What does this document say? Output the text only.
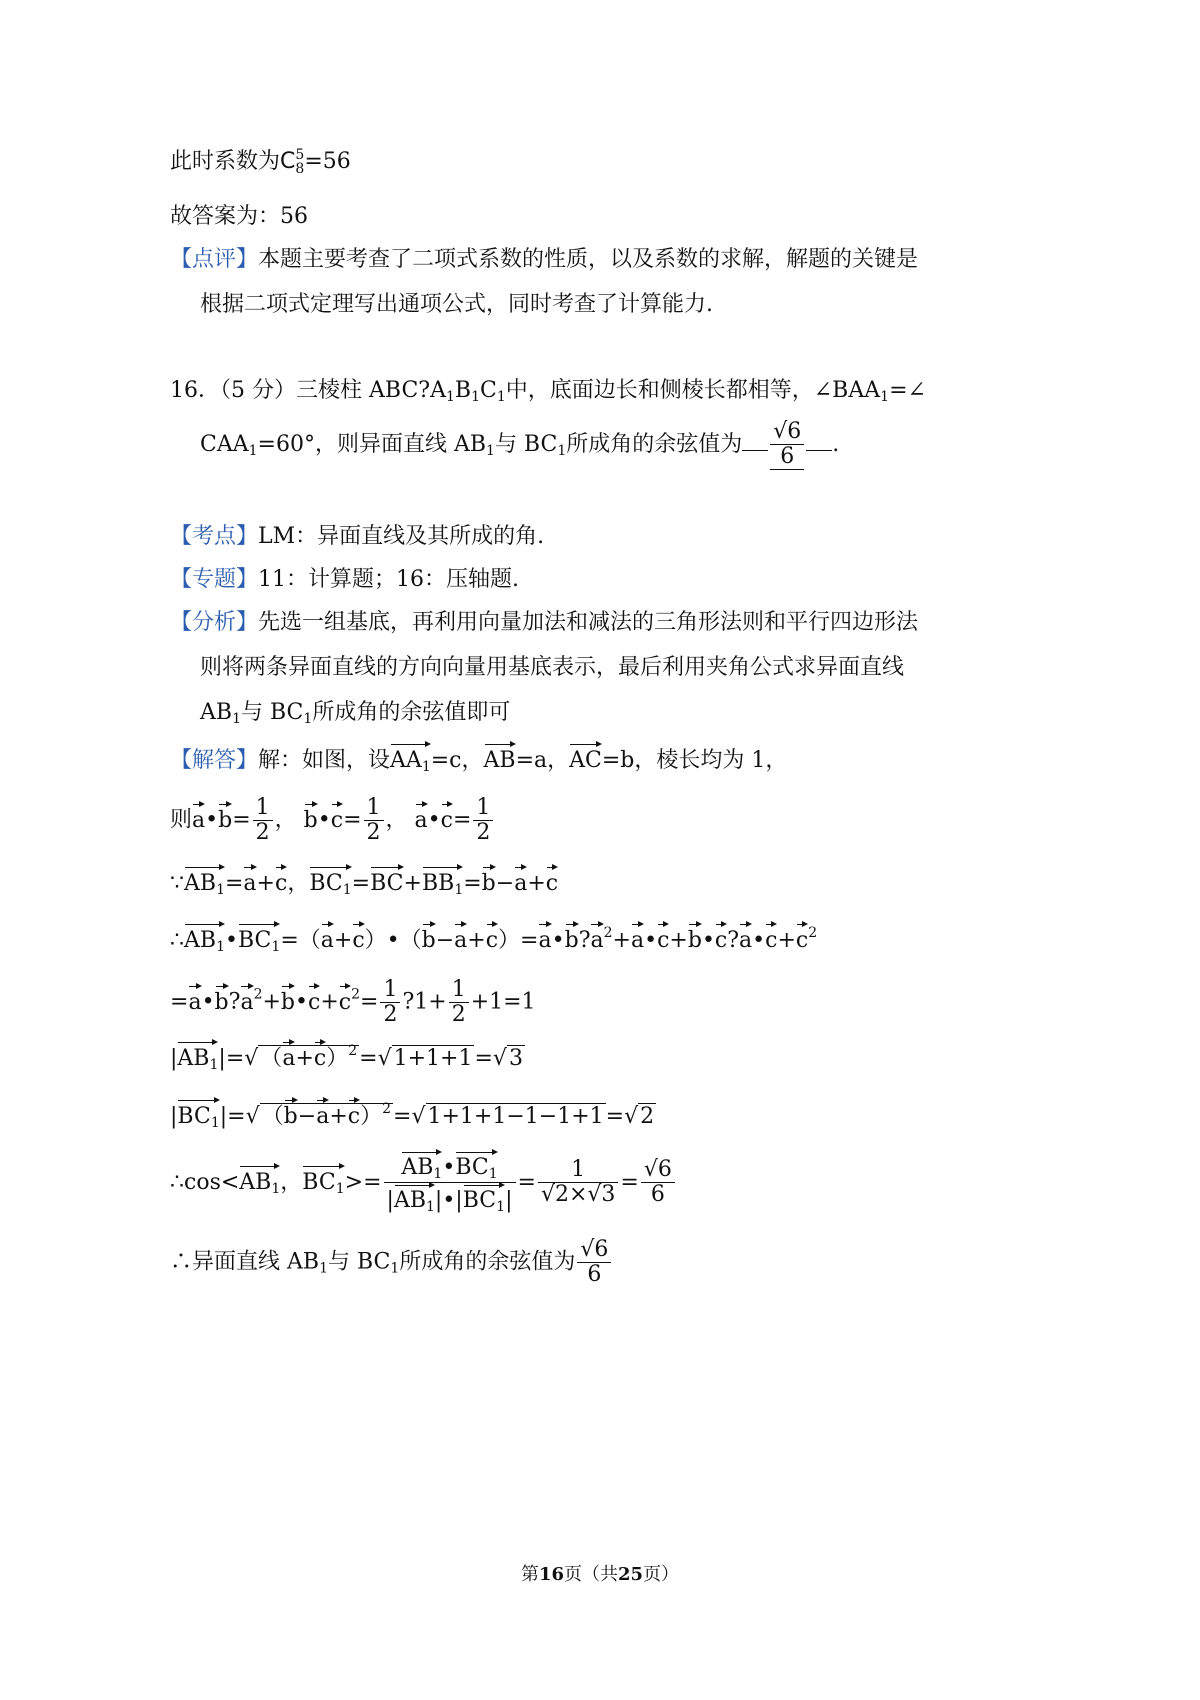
此时系数为C 5
8 =56
故答案为：56
【点评】本题主要考查了二项式系数的性质，以及系数的求解，解题的关键是
根据二项式定理写出通项公式，同时考查了计算能力.
16．（5 分）三棱柱 $ABC?A_1B_1C_1$中，底面边长和侧棱长都相等，$\angle BAA_1=\angle$
$CAA_1=60^\circ$，则异面直线 $AB_1$与 $BC_1$所成角的余弦值为 $\frac{√6}{6}$ .
【考点】LM：异面直线及其所成的角.
【专题】11：计算题；16：压轴题.
【分析】先选一组基底，再利用向量加法和减法的三角形法则和平行四边形法
则将两条异面直线的方向向量用基底表示，最后利用夹角公式求异面直线
$AB_1$与 $BC_1$所成角的余弦值即可
【解答】解：如图，设$AA_1=c$，AB=a，AC=b，棱长均为 1，
则a•b= $\frac{1}{2}$ ， b•c= $\frac{1}{2}$ ， a•c= $\frac{1}{2}$
$\because AB_1=a+c$，$BC_1=BC+BB_1=b-a+c$
$\therefore AB_1•BC_1=(a+c)•(b-a+c)=a•b?a^2+a•c+b•c?a•c+c^2$
$=a•b?a^2+b•c+c^2= \frac{1}{2}$ ?1+ $\frac{1}{2} +1=1$
$|AB_1|=√(a+c)^2=√1+1+1=√3$
$|BC_1|=√(b-a+c)^2=√1+1+1-1-1+1=√2$
$\therefore\cos<AB_1$，$BC_1>= \frac{AB_1•BC_1}{|AB_1|•|BC_1|} = \frac{1}{√2\times√3} = \frac{√6}{6}$
∴异面直线 $AB_1$与 $BC_1$所成角的余弦值为 $\frac{√6}{6}$
第16页（共25页）
